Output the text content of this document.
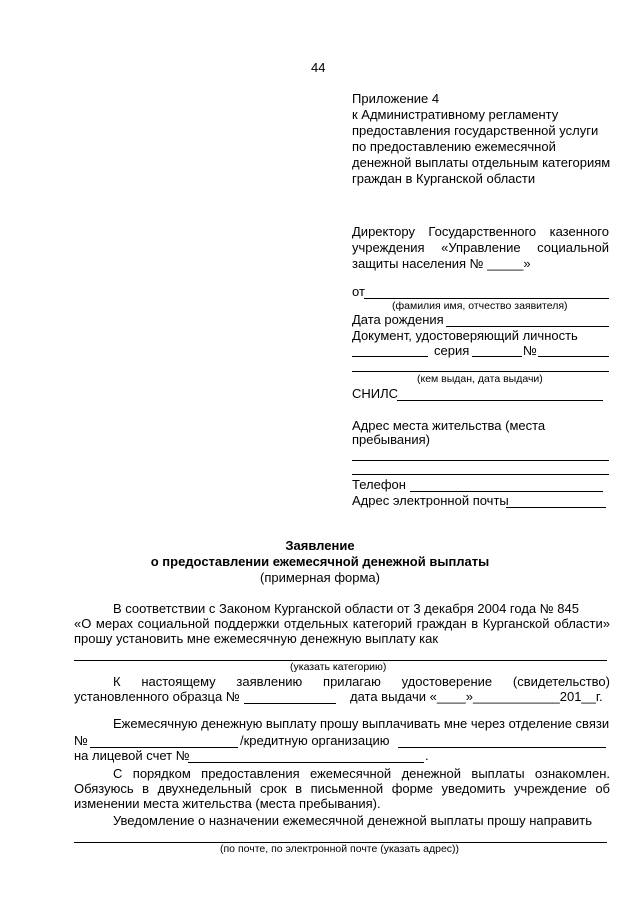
44
Приложение 4
к Административному регламенту
предоставления государственной услуги
по предоставлению ежемесячной
денежной выплаты отдельным категориям
граждан в Курганской области
Директору Государственного казенного
учреждения «Управление социальной
защиты населения № _____»
от
(фамилия имя, отчество заявителя)
Дата рождения
Документ, удостоверяющий личность
серия	№
(кем выдан, дата выдачи)
СНИЛС
Адрес места жительства (места
пребывания)
Телефон
Адрес электронной почты
Заявление
о предоставлении ежемесячной денежной выплаты
(примерная форма)
В соответствии с Законом Курганской области от 3 декабря 2004 года № 845
«О мерах социальной поддержки отдельных категорий граждан в Курганской области»
прошу установить мне ежемесячную денежную выплату как
(указать категорию)
К настоящему заявлению прилагаю удостоверение (свидетельство)
установленного образца №	дата выдачи «____»____________201__г.
Ежемесячную денежную выплату прошу выплачивать мне через отделение связи
№	/кредитную организацию
на лицевой счет №	.
С порядком предоставления ежемесячной денежной выплаты ознакомлен.
Обязуюсь в двухнедельный срок в письменной форме уведомить учреждение об
изменении места жительства (места пребывания).
Уведомление о назначении ежемесячной денежной выплаты прошу направить
(по почте, по электронной почте (указать адрес))
